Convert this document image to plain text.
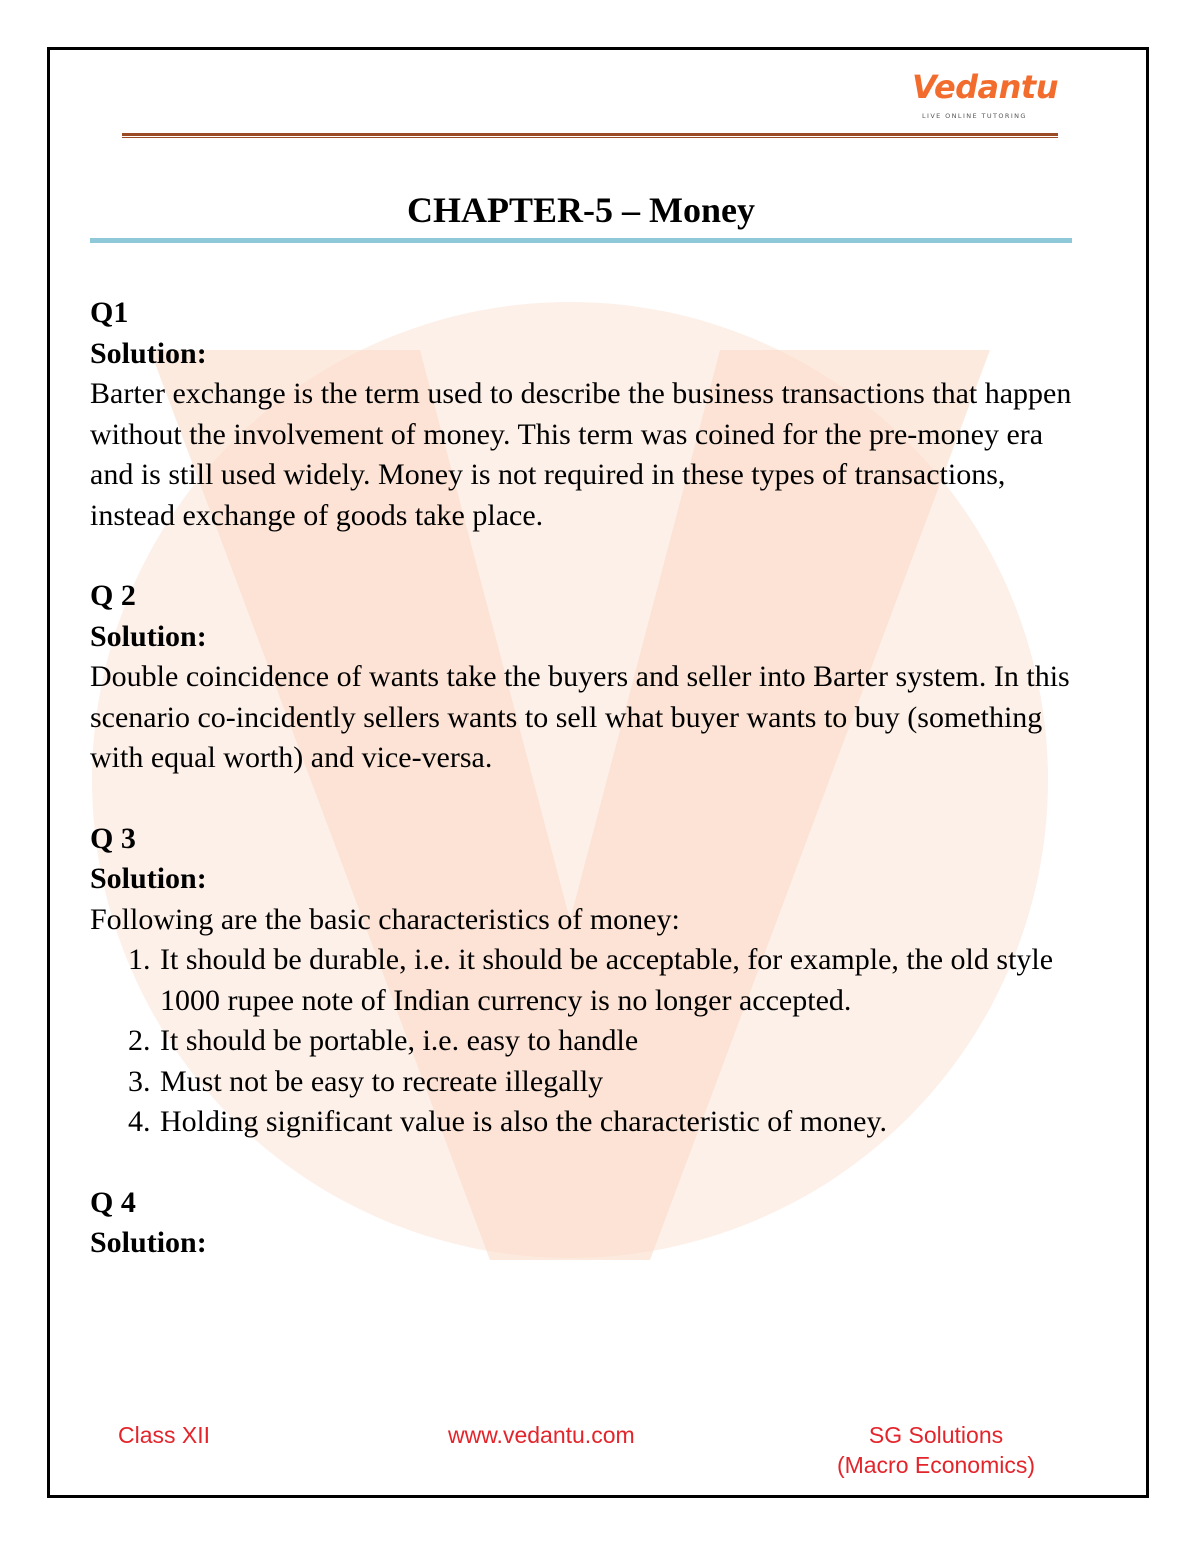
Vedantu
LIVE ONLINE TUTORING
CHAPTER-5 – Money

Q1

Solution:

Barter exchange is the term used to describe the business transactions that happen without the involvement of money. This term was coined for the pre-money era and is still used widely. Money is not required in these types of transactions, instead exchange of goods take place.

Q 2

Solution:

Double coincidence of wants take the buyers and seller into Barter system. In this scenario co-incidently sellers wants to sell what buyer wants to buy (something with equal worth) and vice-versa.

Q 3

Solution:

Following are the basic characteristics of money:

1. It should be durable, i.e. it should be acceptable, for example, the old style 1000 rupee note of Indian currency is no longer accepted.
2. It should be portable, i.e. easy to handle
3. Must not be easy to recreate illegally
4. Holding significant value is also the characteristic of money.

Q 4

Solution:

Class XII	www.vedantu.com	SG Solutions
(Macro Economics)
